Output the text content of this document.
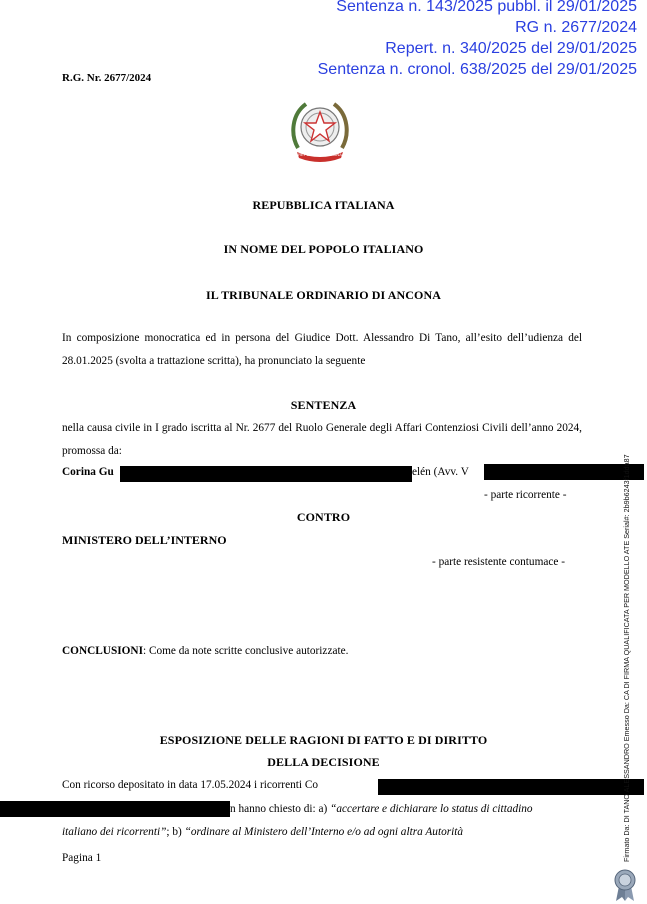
Sentenza n. 143/2025 pubbl. il 29/01/2025
RG n. 2677/2024
Repert. n. 340/2025 del 29/01/2025
Sentenza n. cronol. 638/2025 del 29/01/2025
R.G. Nr. 2677/2024
REPUBBLICA ITALIANA
REPUBBLICA ITALIANA
IN NOME DEL POPOLO ITALIANO
IL TRIBUNALE ORDINARIO DI ANCONA
In composizione monocratica ed in persona del Giudice Dott. Alessandro Di Tano, all’esito dell’udienza del 28.01.2025 (svolta a trattazione scritta), ha pronunciato la seguente
SENTENZA
nella causa civile in I grado iscritta al Nr. 2677 del Ruolo Generale degli Affari Contenziosi Civili dell’anno 2024, promossa da:
Corina Gu	elén (Avv. V
- parte ricorrente -
CONTRO
MINISTERO DELL’INTERNO
- parte resistente contumace -
CONCLUSIONI: Come da note scritte conclusive autorizzate.
ESPOSIZIONE DELLE RAGIONI DI FATTO E DI DIRITTO
DELLA DECISIONE
Con ricorso depositato in data 17.05.2024 i ricorrenti Co
n hanno chiesto di: a) “accertare e dichiarare lo status di cittadino
italiano dei ricorrenti”; b) “ordinare al Ministero dell’Interno e/o ad ogni altra Autorità
Pagina 1	Firmato Da: DI TANO ALESSANDRO Emesso Da: CA DI FIRMA QUALIFICATA PER MODELLO ATE Serial#: 2b9b6243f1dda87
